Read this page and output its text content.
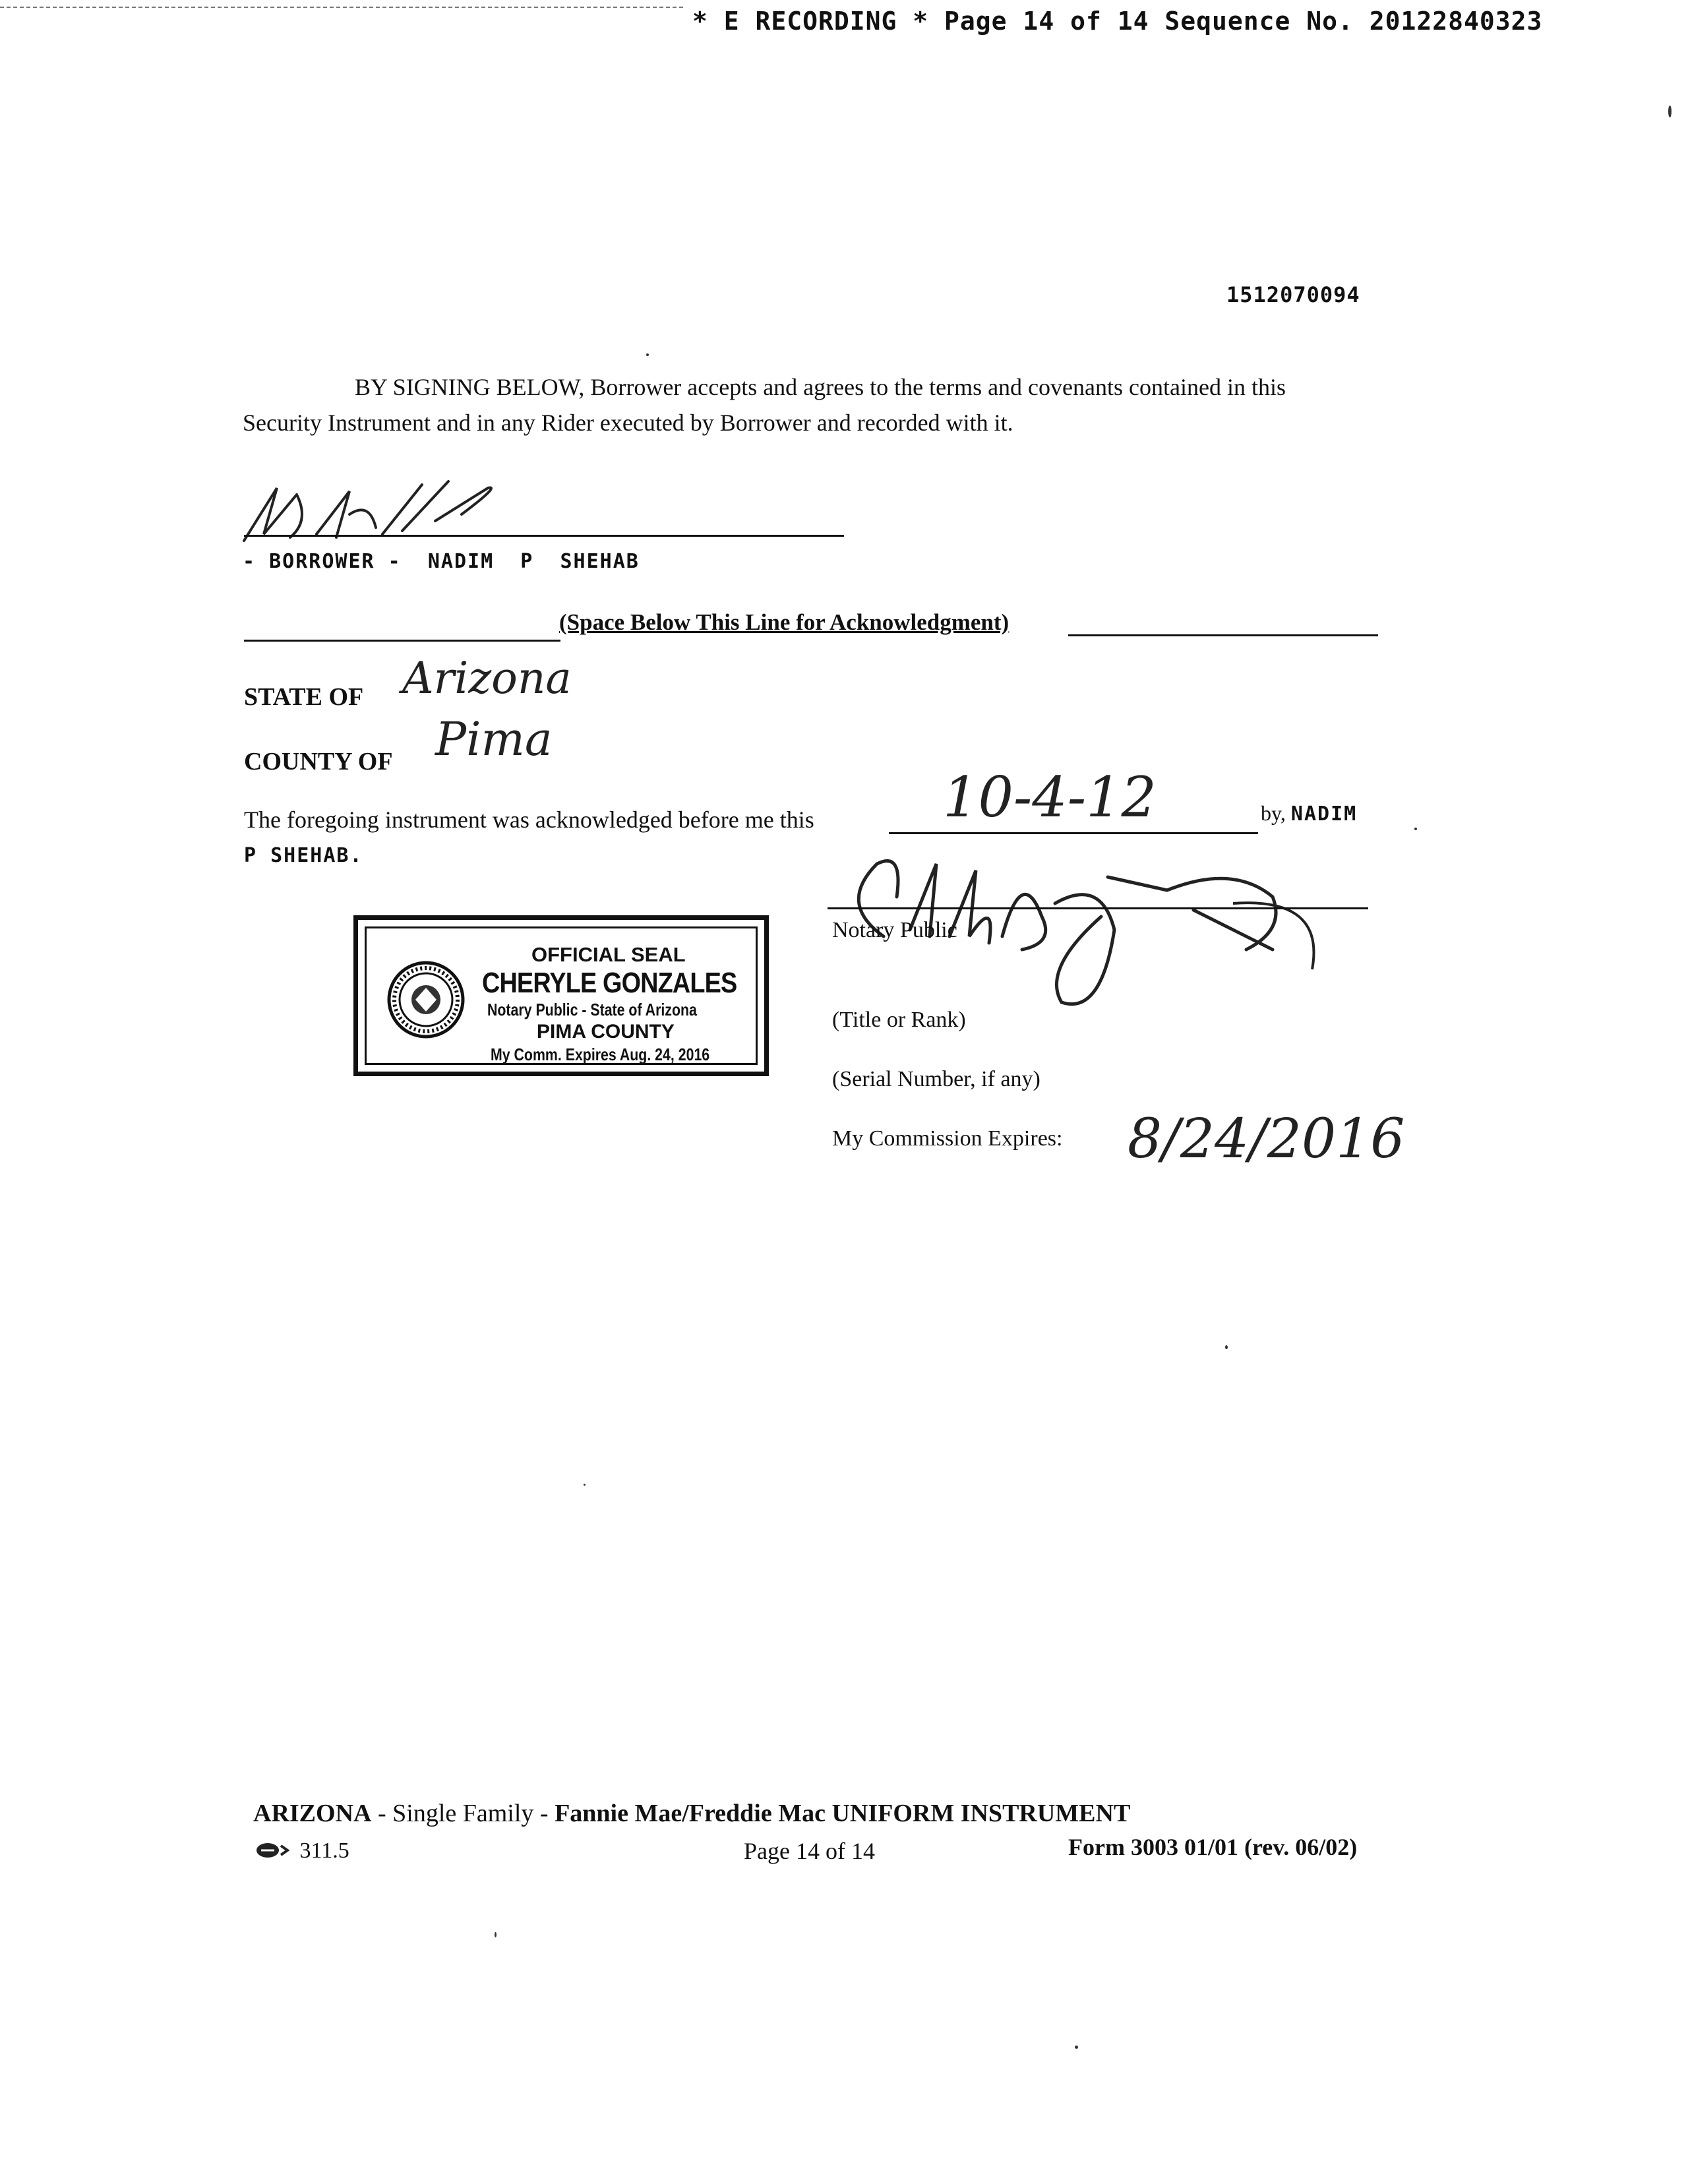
* E RECORDING * Page 14 of 14 Sequence No. 20122840323
1512070094
BY SIGNING BELOW, Borrower accepts and agrees to the terms and covenants contained in this
Security Instrument and in any Rider executed by Borrower and recorded with it.
- BORROWER -  NADIM  P  SHEHAB
(Space Below This Line for Acknowledgment)
STATE OF Arizona
COUNTY OF Pima
The foregoing instrument was acknowledged before me this 10-4-12	by, NADIM
P SHEHAB.
OFFICIAL SEAL
CHERYLE GONZALES
Notary Public - State of Arizona
PIMA COUNTY
My Comm. Expires Aug. 24, 2016
Notary Public
(Title or Rank)
(Serial Number, if any)
My Commission Expires: 8/24/2016
ARIZONA - Single Family - Fannie Mae/Freddie Mac UNIFORM INSTRUMENT
311.5	Page 14 of 14	Form 3003 01/01 (rev. 06/02)
